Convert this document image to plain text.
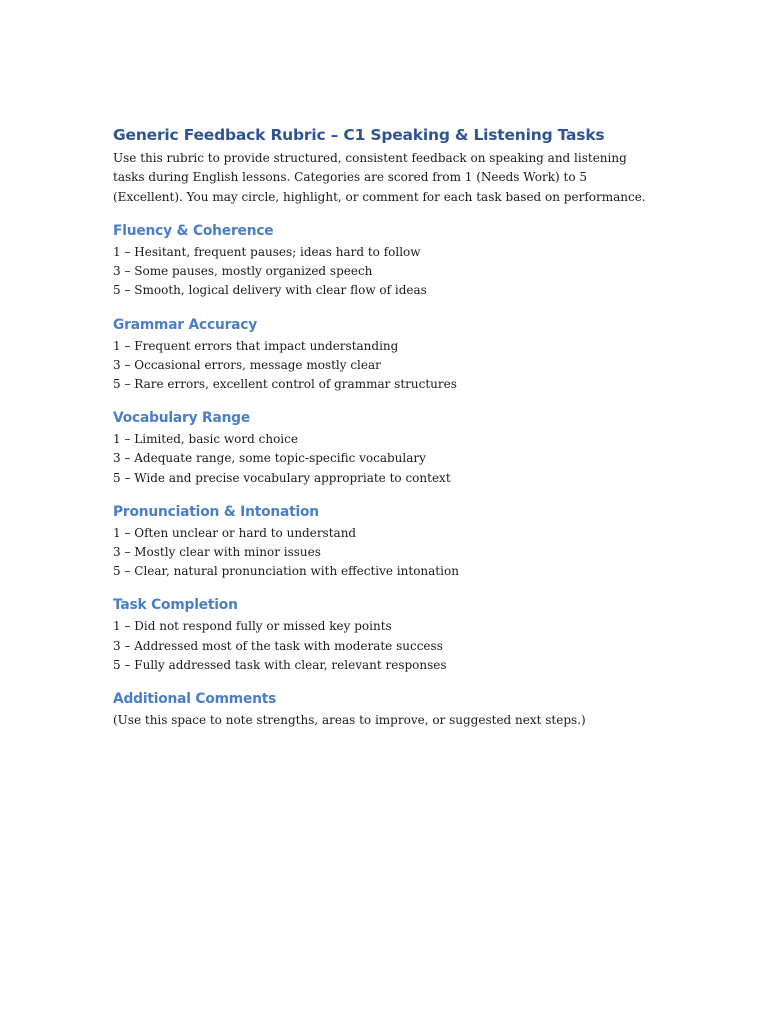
Generic Feedback Rubric – C1 Speaking & Listening Tasks

Use this rubric to provide structured, consistent feedback on speaking and listening tasks during English lessons. Categories are scored from 1 (Needs Work) to 5 (Excellent). You may circle, highlight, or comment for each task based on performance.

Fluency & Coherence
1 – Hesitant, frequent pauses; ideas hard to follow
3 – Some pauses, mostly organized speech
5 – Smooth, logical delivery with clear flow of ideas
Grammar Accuracy
1 – Frequent errors that impact understanding
3 – Occasional errors, message mostly clear
5 – Rare errors, excellent control of grammar structures
Vocabulary Range
1 – Limited, basic word choice
3 – Adequate range, some topic-specific vocabulary
5 – Wide and precise vocabulary appropriate to context
Pronunciation & Intonation
1 – Often unclear or hard to understand
3 – Mostly clear with minor issues
5 – Clear, natural pronunciation with effective intonation
Task Completion
1 – Did not respond fully or missed key points
3 – Addressed most of the task with moderate success
5 – Fully addressed task with clear, relevant responses
Additional Comments

(Use this space to note strengths, areas to improve, or suggested next steps.)
